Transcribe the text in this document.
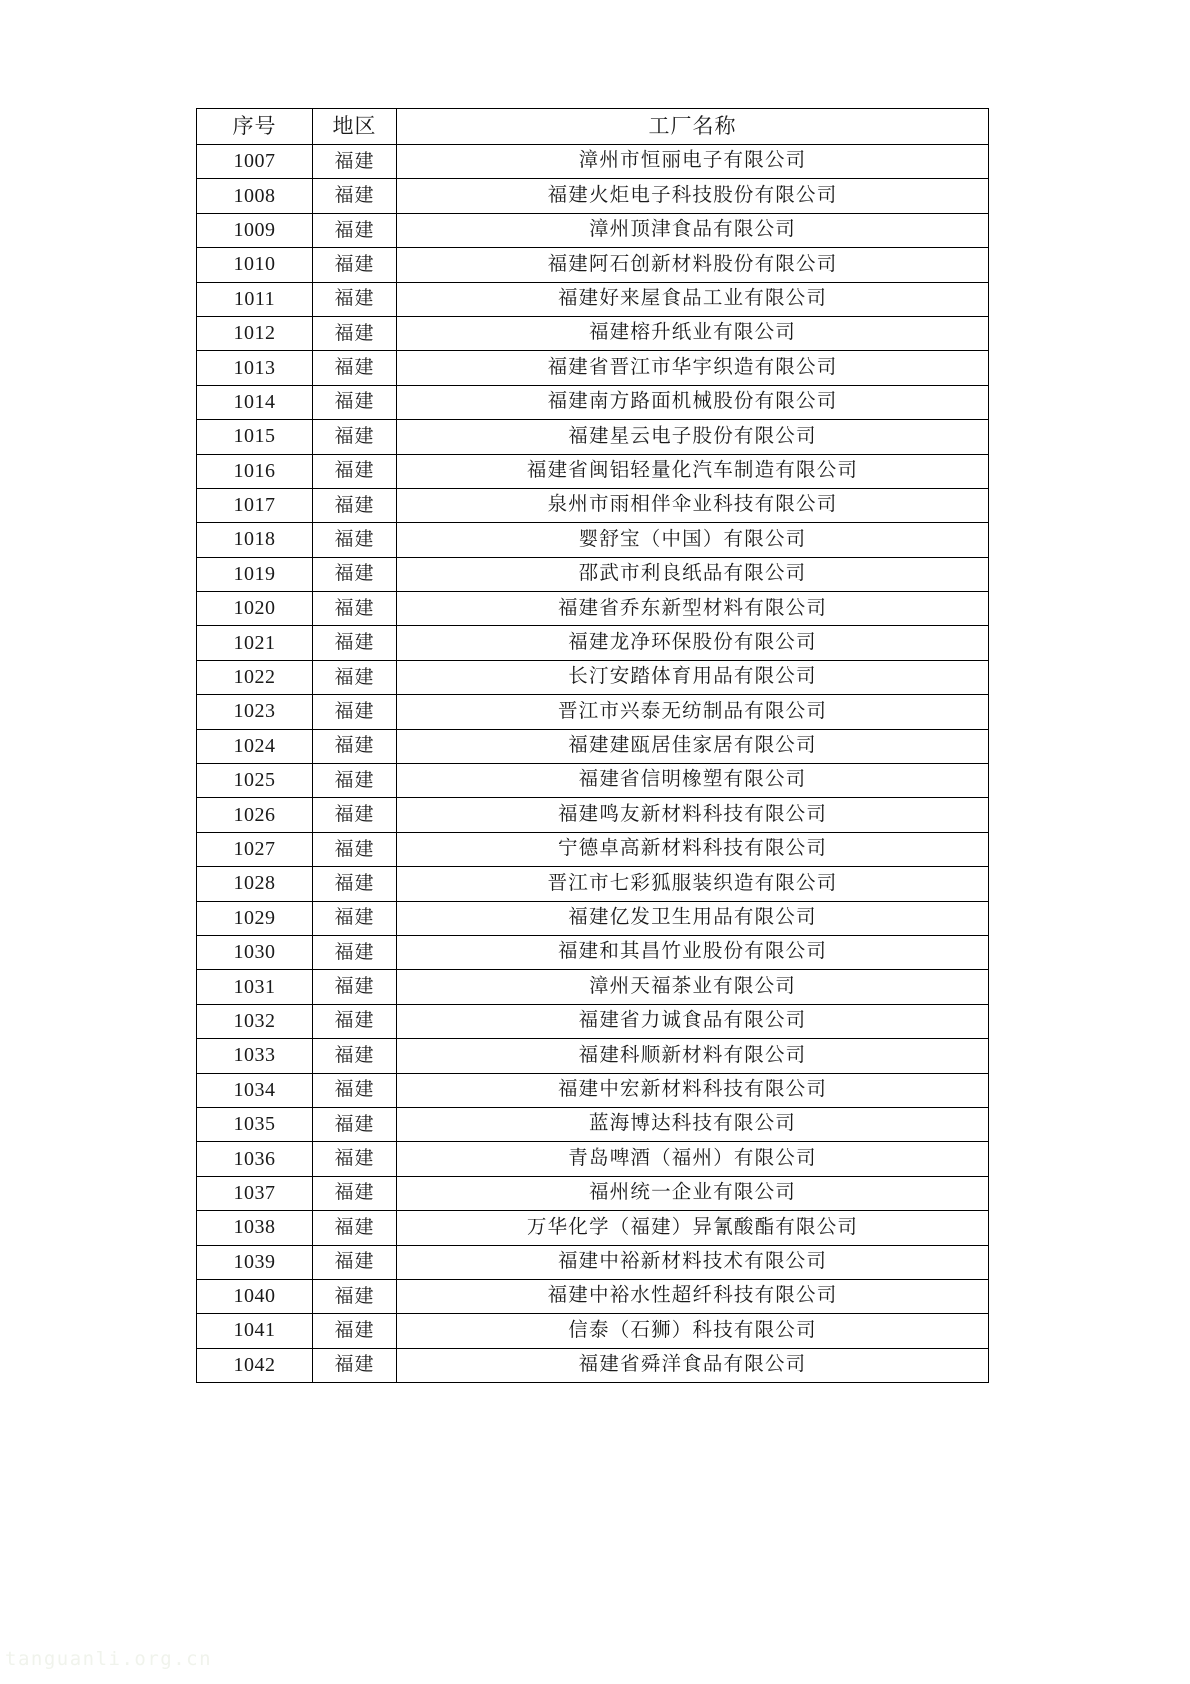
序号	地区	工厂名称
1007	福建	漳州市恒丽电子有限公司
1008	福建	福建火炬电子科技股份有限公司
1009	福建	漳州顶津食品有限公司
1010	福建	福建阿石创新材料股份有限公司
1011	福建	福建好来屋食品工业有限公司
1012	福建	福建榕升纸业有限公司
1013	福建	福建省晋江市华宇织造有限公司
1014	福建	福建南方路面机械股份有限公司
1015	福建	福建星云电子股份有限公司
1016	福建	福建省闽铝轻量化汽车制造有限公司
1017	福建	泉州市雨相伴伞业科技有限公司
1018	福建	婴舒宝（中国）有限公司
1019	福建	邵武市利良纸品有限公司
1020	福建	福建省乔东新型材料有限公司
1021	福建	福建龙净环保股份有限公司
1022	福建	长汀安踏体育用品有限公司
1023	福建	晋江市兴泰无纺制品有限公司
1024	福建	福建建瓯居佳家居有限公司
1025	福建	福建省信明橡塑有限公司
1026	福建	福建鸣友新材料科技有限公司
1027	福建	宁德卓高新材料科技有限公司
1028	福建	晋江市七彩狐服装织造有限公司
1029	福建	福建亿发卫生用品有限公司
1030	福建	福建和其昌竹业股份有限公司
1031	福建	漳州天福茶业有限公司
1032	福建	福建省力诚食品有限公司
1033	福建	福建科顺新材料有限公司
1034	福建	福建中宏新材料科技有限公司
1035	福建	蓝海博达科技有限公司
1036	福建	青岛啤酒（福州）有限公司
1037	福建	福州统一企业有限公司
1038	福建	万华化学（福建）异氰酸酯有限公司
1039	福建	福建中裕新材料技术有限公司
1040	福建	福建中裕水性超纤科技有限公司
1041	福建	信泰（石狮）科技有限公司
1042	福建	福建省舜洋食品有限公司
tanguanli.org.cn
